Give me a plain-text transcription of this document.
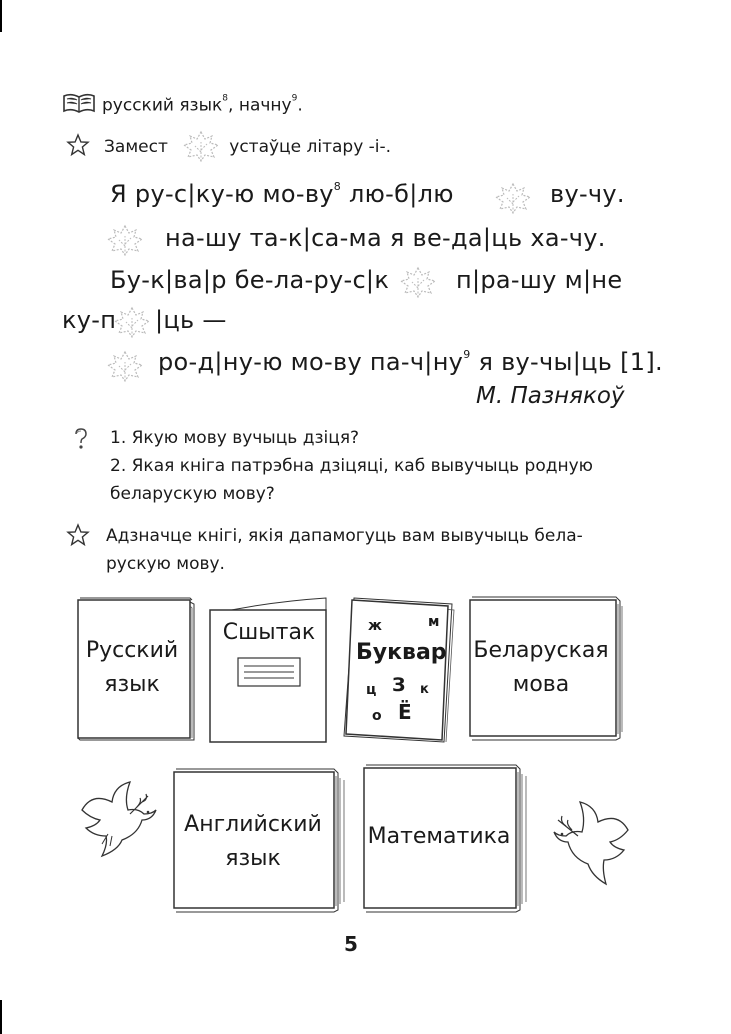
русский язык$^8$, начну$^9$.
Замест	устаўце літару -і-.
Я ру-с|ку-ю $мо-ву^8$ лю-б|лю	ву-чу.
на-шу та-к|са-ма я ве-да|ць ха-чу.
Бу-к|ва|р бе-ла-ру-с|к	п|ра-шу м|не
ку-п |ць —
ро-д|ну-ю мо-ву $па-ч|ну^9$ я ву-чы|ць [1].
М. Пазнякоў
1. Якую мову вучыць дзіця?
2. Якая кніга патрэбна дзіцяці, каб вывучыць родную
беларускую мову?
Адзначце кнігі, якія дапамогуць вам вывучыць бела-
рускую мову.
Русский
язык
Сшытак
Буквар
ж	м
ц З к
о Ё
Беларуская
мова
Английский
язык
Математика
5
